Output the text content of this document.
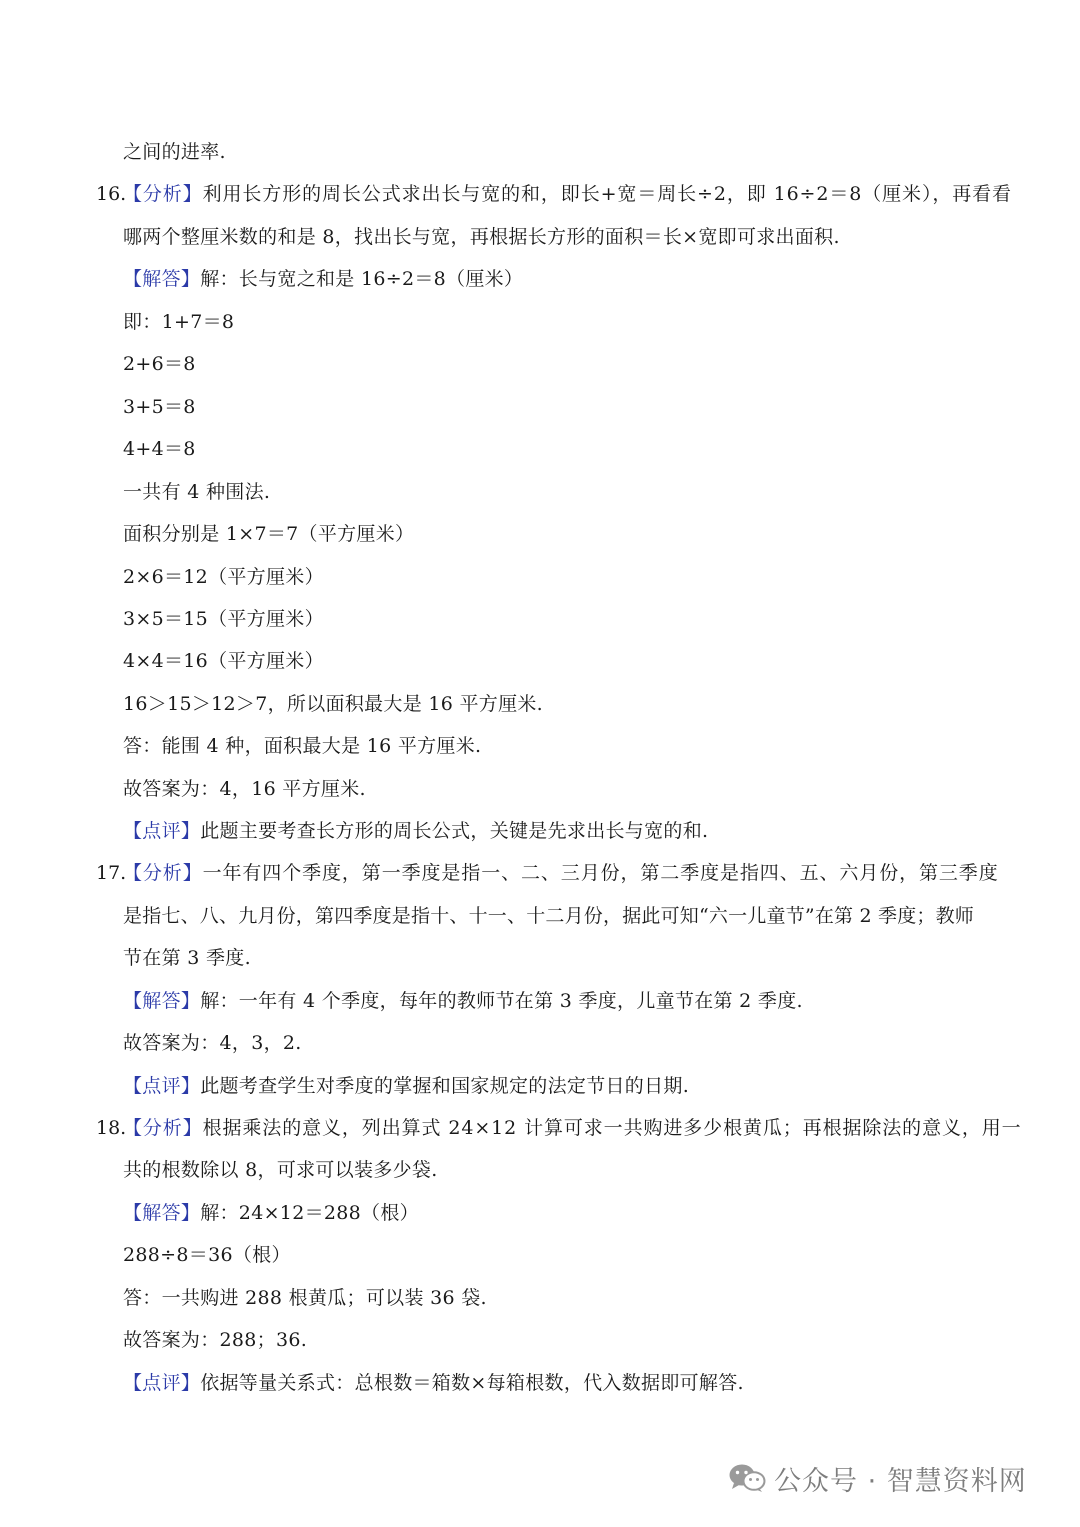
之间的进率.
16.
【分析】利用长方形的周长公式求出长与宽的和，即长+宽＝周长÷2，即 16÷2＝8（厘米），再看看
哪两个整厘米数的和是 8，找出长与宽，再根据长方形的面积＝长×宽即可求出面积.
【解答】解：长与宽之和是 16÷2＝8（厘米）
即：1+7＝8
2+6＝8
3+5＝8
4+4＝8
一共有 4 种围法.
面积分别是 1×7＝7（平方厘米）
2×6＝12（平方厘米）
3×5＝15（平方厘米）
4×4＝16（平方厘米）
16＞15＞12＞7，所以面积最大是 16 平方厘米.
答：能围 4 种，面积最大是 16 平方厘米.
故答案为：4，16 平方厘米.
【点评】此题主要考查长方形的周长公式，关键是先求出长与宽的和.
17.
【分析】一年有四个季度，第一季度是指一、二、三月份，第二季度是指四、五、六月份，第三季度
是指七、八、九月份，第四季度是指十、十一、十二月份，据此可知“六一儿童节”在第 2 季度；教师
节在第 3 季度.
【解答】解：一年有 4 个季度，每年的教师节在第 3 季度，儿童节在第 2 季度.
故答案为：4，3，2.
【点评】此题考查学生对季度的掌握和国家规定的法定节日的日期.
18.
【分析】根据乘法的意义，列出算式 24×12 计算可求一共购进多少根黄瓜；再根据除法的意义，用一
共的根数除以 8，可求可以装多少袋.
【解答】解：24×12＝288（根）
288÷8＝36（根）
答：一共购进 288 根黄瓜；可以装 36 袋.
故答案为：288；36.
【点评】依据等量关系式：总根数＝箱数×每箱根数，代入数据即可解答.
公众号 · 智慧资料网
